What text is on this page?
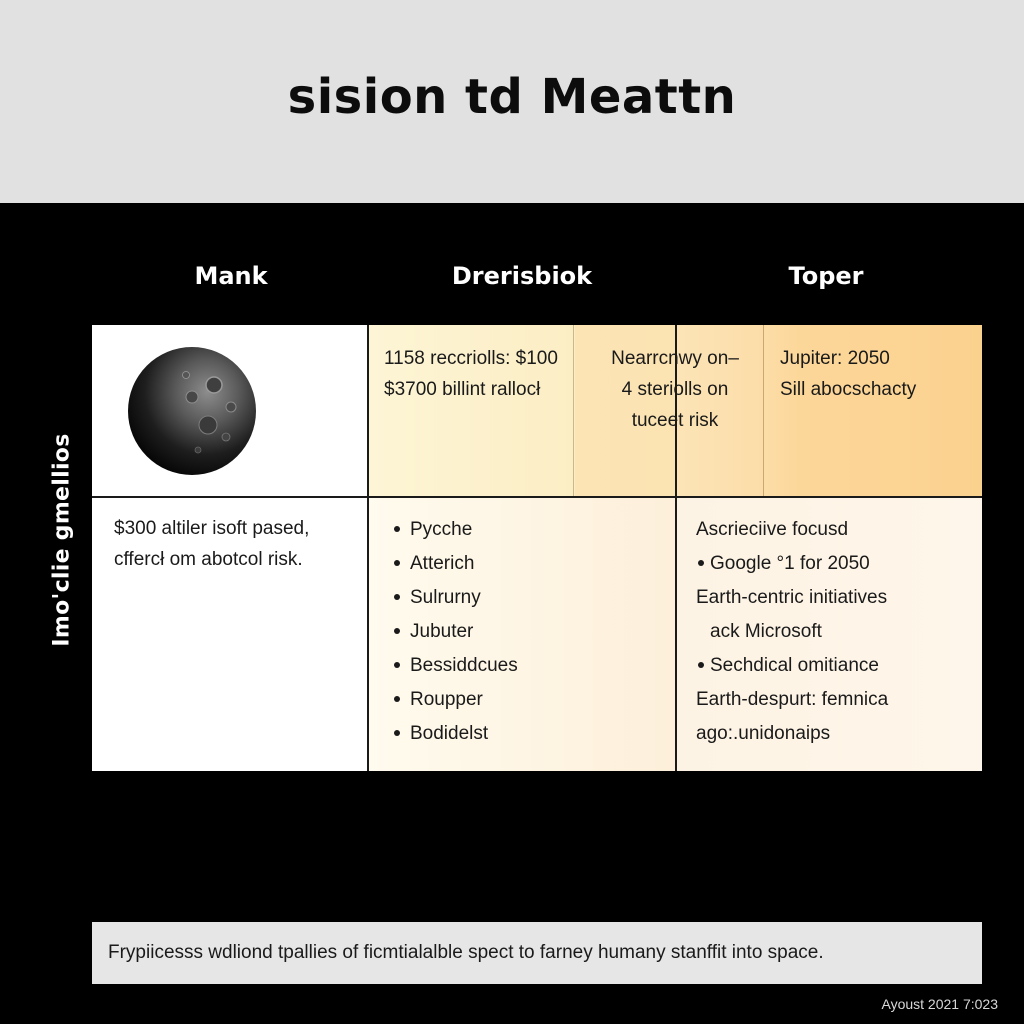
sision td Meattn
Mank	Drerisbiok	Toper
Imo'clie gmellios
1158 reccriolls: $100
$3700 billint rallocł
Nearrcnwy on–
4 steriolls on
tuceet risk
Jupiter: 2050
Sill abocschacty
$300 altiler isoft pased,
cffercł om abotcol risk.
Pycche
Atterich
Sulrurny
Jubuter
Bessiddcues
Roupрer
Bodidelst
Ascrieciive focusd
Google °1 for 2050
Earth-centric initiatives
ack Microsoft
Sechdical omitiance
Earth-despurt: femnica
ago:.unidonaips
Frypiicesss wdliond tpallies of ficmtialalble spect to farney humany stanffit into space.
Ayoust 2021 7:023
